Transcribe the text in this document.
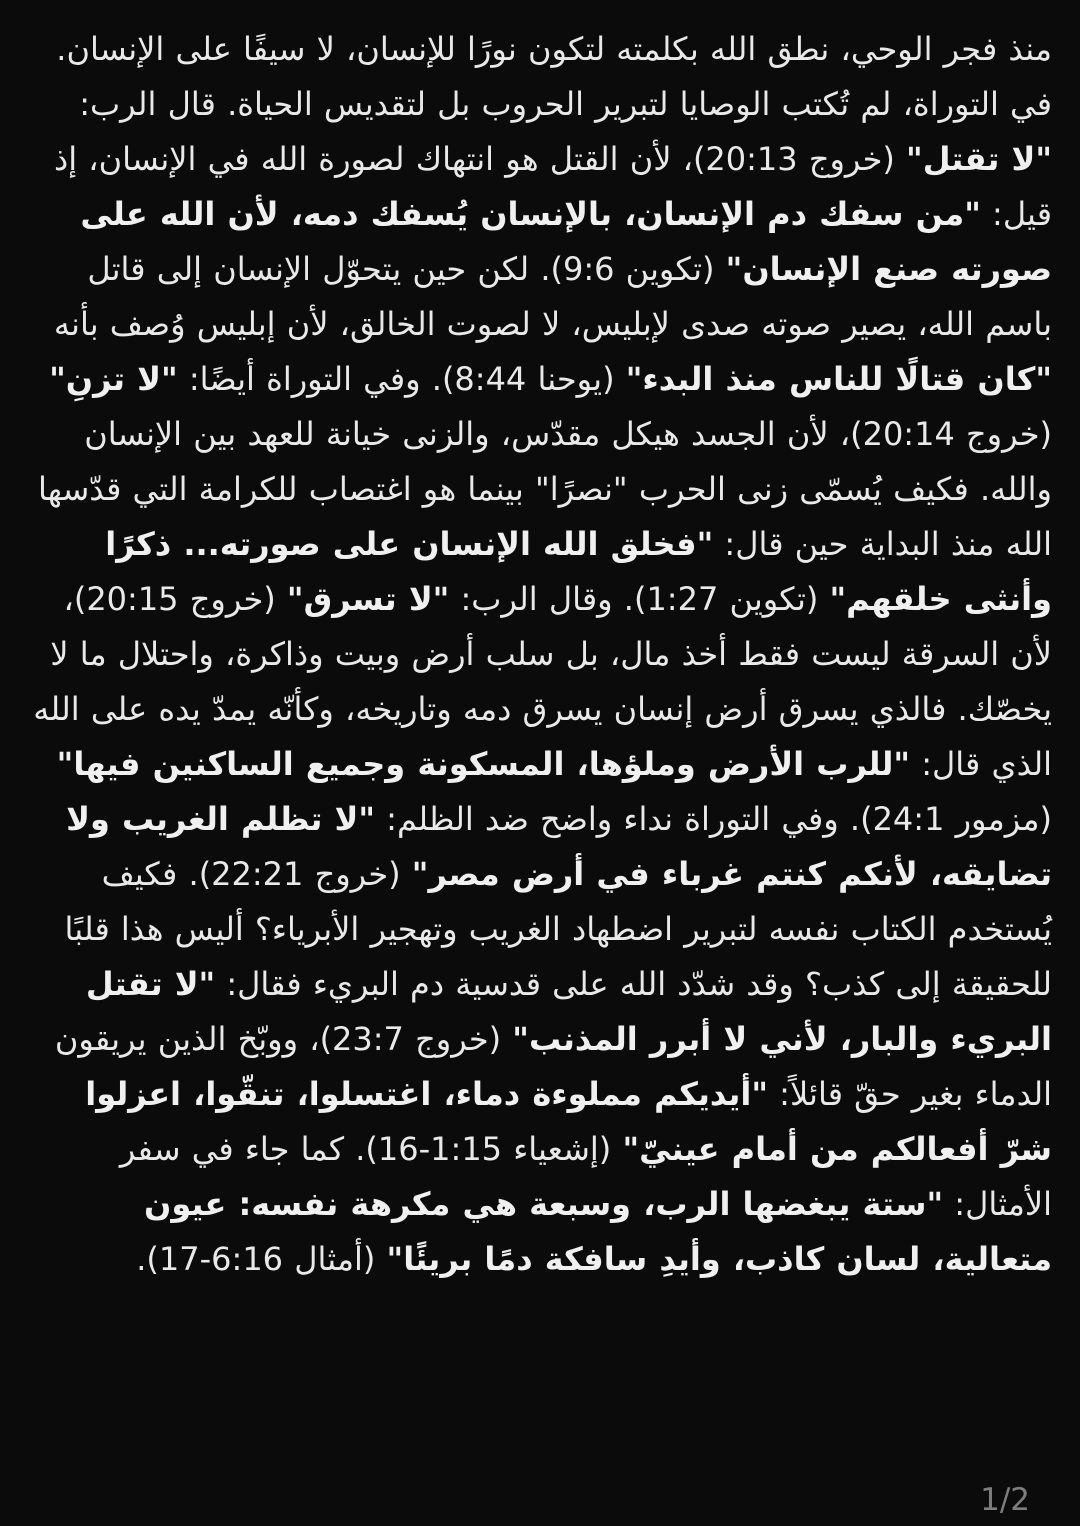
منذ فجر الوحي، نطق الله بكلمته لتكون نورًا للإنسان، لا سيفًا على الإنسان. في التوراة، لم تُكتب الوصايا لتبرير الحروب بل لتقديس الحياة. قال الرب: "لا تقتل" (خروج 20:13)، لأن القتل هو انتهاك لصورة الله في الإنسان، إذ قيل: "من سفك دم الإنسان، بالإنسان يُسفك دمه، لأن الله على صورته صنع الإنسان" (تكوين 9:6). لكن حين يتحوّل الإنسان إلى قاتل باسم الله، يصير صوته صدى لإبليس، لا لصوت الخالق، لأن إبليس وُصف بأنه "كان قتالًا للناس منذ البدء" (يوحنا 8:44). وفي التوراة أيضًا: "لا تزنِ" (خروج 20:14)، لأن الجسد هيكل مقدّس، والزنى خيانة للعهد بين الإنسان والله. فكيف يُسمّى زنى الحرب "نصرًا" بينما هو اغتصاب للكرامة التي قدّسها الله منذ البداية حين قال: "فخلق الله الإنسان على صورته... ذكرًا وأنثى خلقهم" (تكوين 1:27). وقال الرب: "لا تسرق" (خروج 20:15)، لأن السرقة ليست فقط أخذ مال، بل سلب أرض وبيت وذاكرة، واحتلال ما لا يخصّك. فالذي يسرق أرض إنسان يسرق دمه وتاريخه، وكأنّه يمدّ يده على الله الذي قال: "للرب الأرض وملؤها، المسكونة وجميع الساكنين فيها" (مزمور 24:1). وفي التوراة نداء واضح ضد الظلم: "لا تظلم الغريب ولا تضايقه، لأنكم كنتم غرباء في أرض مصر" (خروج 22:21). فكيف يُستخدم الكتاب نفسه لتبرير اضطهاد الغريب وتهجير الأبرياء؟ أليس هذا قلبًا للحقيقة إلى كذب؟ وقد شدّد الله على قدسية دم البريء فقال: "لا تقتل البريء والبار، لأني لا أبرر المذنب" (خروج 23:7)، ووبّخ الذين يريقون الدماء بغير حقّ قائلاً: "أيديكم مملوءة دماء، اغتسلوا، تنقّوا، اعزلوا شرّ أفعالكم من أمام عينيّ" (إشعياء 1:15‐16). كما جاء في سفر الأمثال: "ستة يبغضها الرب، وسبعة هي مكرهة نفسه: عيون متعالية، لسان كاذب، وأيدِ سافكة دمًا بريئًا" (أمثال 6:16‐17).
1/2
